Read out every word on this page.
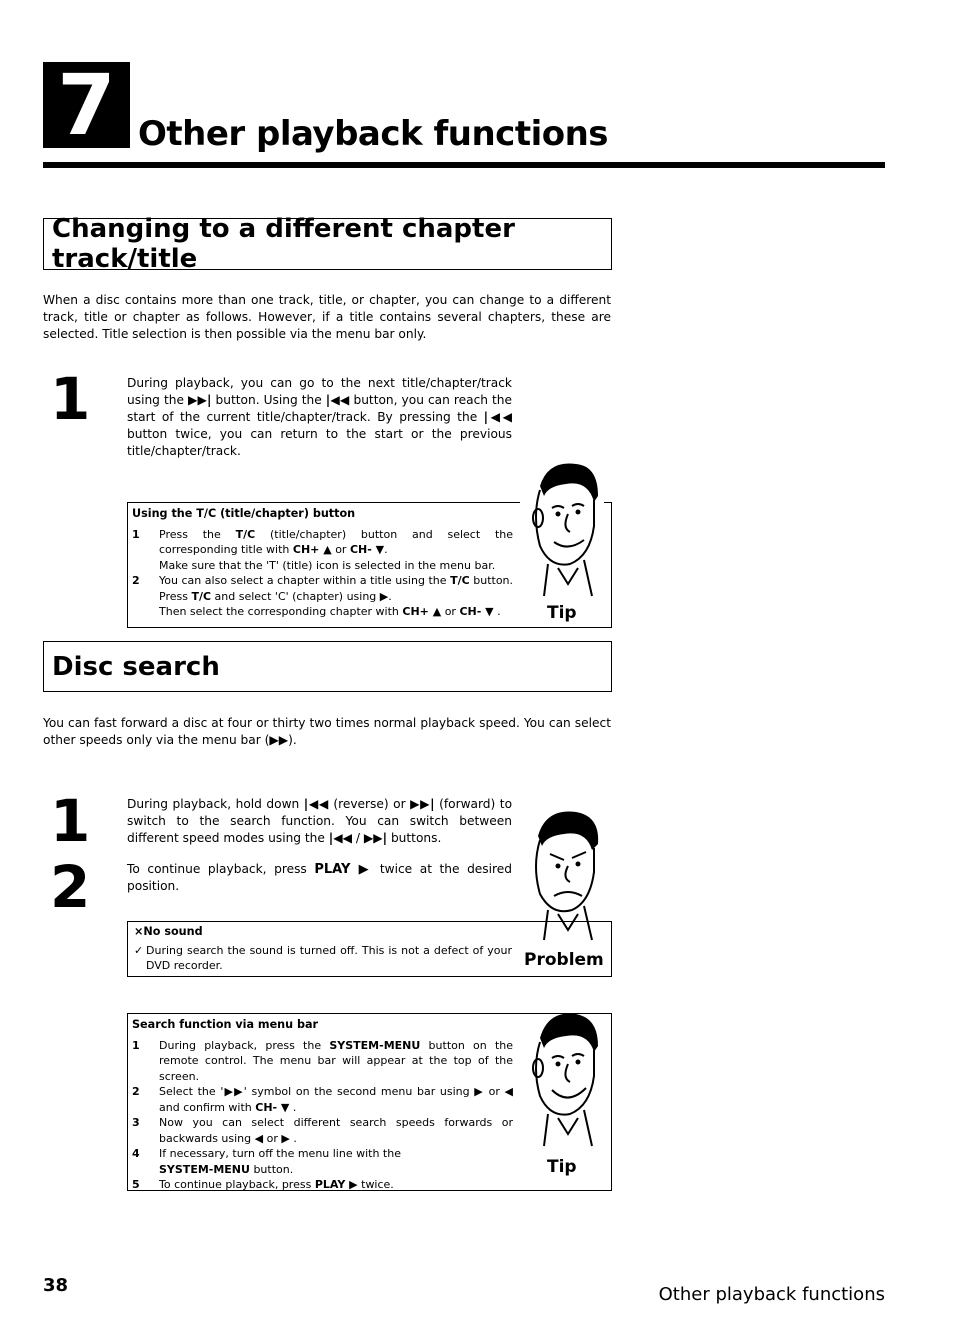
7 Other playback functions
Changing to a different chapter track/title
When a disc contains more than one track, title, or chapter, you can change to a different track, title or chapter as follows. However, if a title contains several chapters, these are selected. Title selection is then possible via the menu bar only.
1	During playback, you can go to the next title/chapter/track using the ▶▶| button. Using the |◀◀ button, you can reach the start of the current title/chapter/track. By pressing the |◀◀ button twice, you can return to the start or the previous title/chapter/track.
Using the T/C (title/chapter) button
1	Press the T/C (title/chapter) button and select the corresponding title with CH+ ▲ or CH- ▼.
Make sure that the 'T' (title) icon is selected in the menu bar.
2	You can also select a chapter within a title using the T/C button. Press T/C and select 'C' (chapter) using ▶.
Then select the corresponding chapter with CH+ ▲ or CH- ▼ .	Tip
Disc search
You can fast forward a disc at four or thirty two times normal playback speed. You can select other speeds only via the menu bar (▶▶).
1
2
During playback, hold down |◀◀ (reverse) or ▶▶| (forward) to switch to the search function. You can switch between different speed modes using the |◀◀ / ▶▶| buttons.
To continue playback, press PLAY ▶ twice at the desired position.
×No sound
✓ During search the sound is turned off. This is not a defect of your DVD recorder.	Problem
Search function via menu bar
1	During playback, press the SYSTEM-MENU button on the remote control. The menu bar will appear at the top of the screen.
2	Select the '▶▶' symbol on the second menu bar using ▶ or ◀ and confirm with CH- ▼ .
3	Now you can select different search speeds forwards or backwards using ◀ or ▶ .
4	If necessary, turn off the menu line with the
SYSTEM-MENU button.
5	To continue playback, press PLAY ▶ twice.
Tip
38	Other playback functions
